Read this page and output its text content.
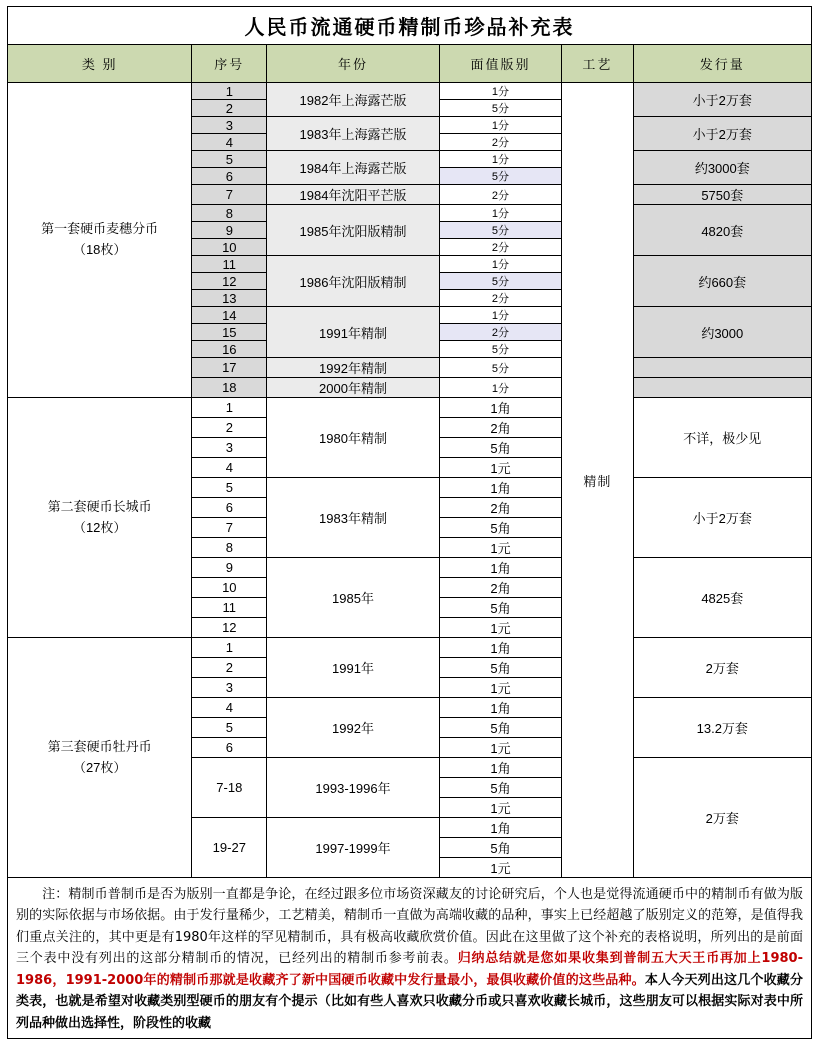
人民币流通硬币精制币珍品补充表
类 别	序号	年份	面值版别	工艺	发行量

第一套硬币麦穗分币
（18枚）	1	1982年上海露芒版	1分	精制	小于2万套
	2		5分		
	3	1983年上海露芒版	1分		小于2万套
	4		2分		
	5	1984年上海露芒版	1分		约3000套
	6		5分		
	7	1984年沈阳平芒版	2分		5750套
	8	1985年沈阳版精制	1分		4820套
	9		5分		
	10		2分		
	11	1986年沈阳版精制	1分		约660套
	12		5分		
	13		2分		
	14	1991年精制	1分		约3000
	15		2分		
	16		5分		
	17	1992年精制	5分		
	18	2000年精制	1分		

第二套硬币长城币
（12枚）	1	1980年精制	1角		不详，极少见
	2		2角		
	3		5角		
	4		1元		
	5	1983年精制	1角		小于2万套
	6		2角		
	7		5角		
	8		1元		
	9	1985年	1角		4825套
	10		2角		
	11		5角		
	12		1元		

第三套硬币牡丹币
（27枚）	1	1991年	1角		2万套
	2		5角		
	3		1元		
	4	1992年	1角		13.2万套
	5		5角		
	6		1元		
	7-18	1993-1996年	1角		2万套
			5角		
			1元		
	19-27	1997-1999年	1角		
			5角		
			1元		
注：精制币普制币是否为版别一直都是争论，在经过跟多位市场资深藏友的讨论研究后，个人也是觉得流通硬币中的精制币有做为版别的实际依据与市场依据。由于发行量稀少，工艺精美，精制币一直做为高端收藏的品种，事实上已经超越了版别定义的范筹，是值得我们重点关注的，其中更是有1980年这样的罕见精制币，具有极高收藏欣赏价值。因此在这里做了这个补充的表格说明，所列出的是前面三个表中没有列出的这部分精制币的情况，已经列出的精制币参考前表。归纳总结就是您如果收集到普制五大天王币再加上1980-1986，1991-2000年的精制币那就是收藏齐了新中国硬币收藏中发行量最小，最俱收藏价值的这些品种。本人今天列出这几个收藏分类表，也就是希望对收藏类别型硬币的朋友有个提示（比如有些人喜欢只收藏分币或只喜欢收藏长城币，这些朋友可以根据实际对表中所列品种做出选择性，阶段性的收藏
